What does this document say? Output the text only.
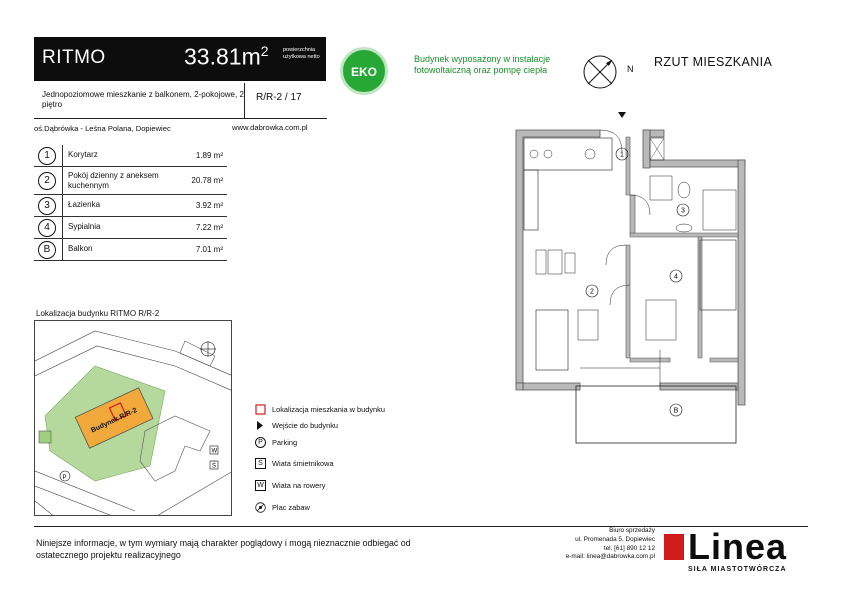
RITMO	$33.81m^2$	powierzchnia użytkowa netto
Jednopoziomowe mieszkanie z balkonem, 2-pokojowe, 2 piętro
R/R-2 / 17
oś.Dąbrówka - Leśna Polana, Dopiewiec	www.dabrowka.com.pl
1	Korytarz	1.89 m²
2	Pokój dzienny z aneksem kuchennym	20.78 m²
3	Łazienka	3.92 m²
4	Sypialnia	7.22 m²
B	Balkon	7.01 m²
EKO
Budynek wyposażony w instalacje fotowoltaiczną oraz pompę ciepła	N RZUT MIESZKANIA
1
2
3
4
B
Lokalizacja budynku RITMO R/R-2
Budynek R/R-2
P
W
Ś
Lokalizacja mieszkania w budynku
Wejście do budynku
P	Parking
Ś	Wiata śmietnikowa
W Wiata na rowery
Plac zabaw
Niniejsze informacje, w tym wymiary mają charakter poglądowy i mogą nieznacznie odbiegać od ostatecznego projektu realizacyjnego
Biuro sprzedaży
ul. Promenada 5, Dopiewiec
tel. [61] 890 12 12
e-mail: linea@dabrowka.com.pl Linea
SIŁA MIASTOTWÓRCZA
